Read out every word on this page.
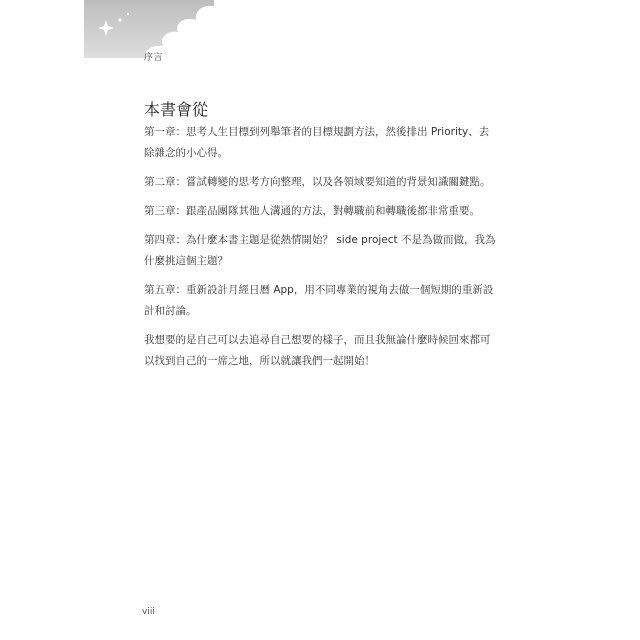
序言
本書會從

第一章：思考人生目標到列舉筆者的目標規劃方法，然後排出 Priority、去除雜念的小心得。

第二章：嘗試轉變的思考方向整理，以及各領域要知道的背景知識關鍵點。

第三章：跟產品團隊其他人溝通的方法，對轉職前和轉職後都非常重要。

第四章：為什麼本書主題是從熱情開始？ side project 不是為做而做，我為什麼挑這個主題？

第五章：重新設計月經日曆 App，用不同專業的視角去做一個短期的重新設計和討論。

我想要的是自己可以去追尋自己想要的樣子，而且我無論什麼時候回來都可以找到自己的一席之地，所以就讓我們一起開始！

viii
